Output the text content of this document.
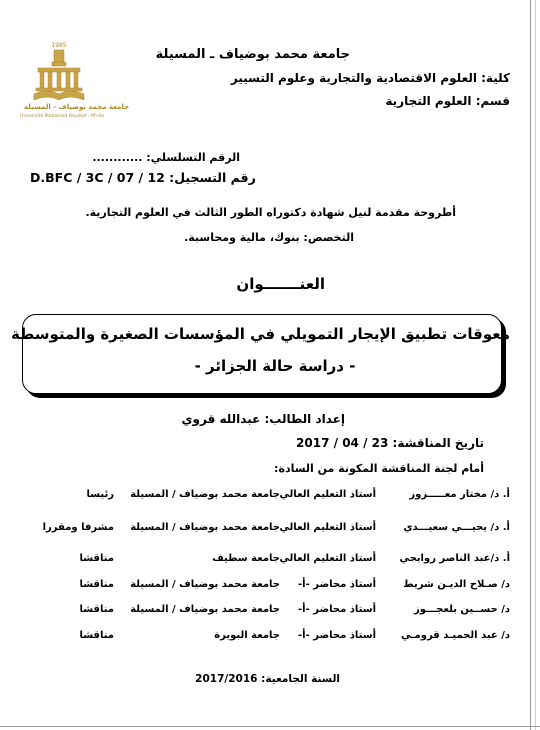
1985
جامعة محمد بوضياف - المسيلة
Université Mohamed Boudiaf - M'sila
جامعة محمد بوضياف ـ المسيلة
كلية: العلوم الاقتصادية والتجارية وعلوم التسيير
قسم: العلوم التجارية
الرقم التسلسلي: ............
D.BFC / 3C / 07 / 12 :رقم التسجيل
أطروحة مقدمة لنيل شهادة دكتوراه الطور الثالث في العلوم التجارية.
التخصص: بنوك، مالية ومحاسبة.
العنـــــــوان
معوقات تطبيق الإيجار التمويلي في المؤسسات الصغيرة والمتوسطة
- دراسة حالة الجزائر -
إعداد الطالب: عبدالله قروي
تاريخ المناقشة: 23 / 04 / 2017
أمام لجنة المناقشة المكونة من السادة:
أ. د/ مختار معـــــزوز
أستاذ التعليم العالي
جامعة محمد بوضياف / المسيلة
رئيسا
أ. د/ يحيـــي سعيـــدي
أستاذ التعليم العالي
جامعة محمد بوضياف / المسيلة
مشرفا ومقررا
أ. د/عبد الناصر روابحي
أستاذ التعليم العالي
جامعة سطيف
مناقشا
د/ صـلاح الديـن شريط
أستاذ محاضر -أ-
جامعة محمد بوضياف / المسيلة
مناقشا
د/ حســين بلعجـــوز
أستاذ محاضر -أ-
جامعة محمد بوضياف / المسيلة
مناقشا
د/ عبد الحميـد قرومـي
أستاذ محاضر -أ-
جامعة البويرة
مناقشا
السنة الجامعية: 2017/2016
